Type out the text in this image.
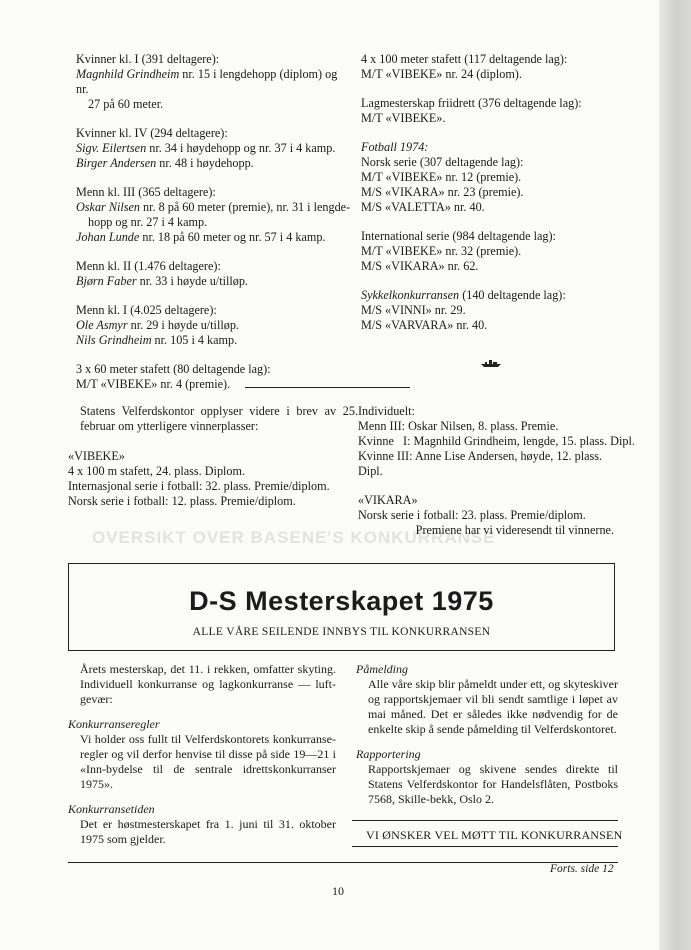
OVERSIKT OVER BASENE'S KONKURRANSE

Kvinner kl. I (391 deltagere):

Magnhild Grindheim nr. 15 i lengdehopp (diplom) og nr.

27 på 60 meter.

Kvinner kl. IV (294 deltagere):

Sigv. Eilertsen nr. 34 i høydehopp og nr. 37 i 4 kamp.

Birger Andersen nr. 48 i høydehopp.

Menn kl. III (365 deltagere):

Oskar Nilsen nr. 8 på 60 meter (premie), nr. 31 i lengde-

hopp og nr. 27 i 4 kamp.

Johan Lunde nr. 18 på 60 meter og nr. 57 i 4 kamp.

Menn kl. II (1.476 deltagere):

Bjørn Faber nr. 33 i høyde u/tilløp.

Menn kl. I (4.025 deltagere):

Ole Asmyr nr. 29 i høyde u/tilløp.

Nils Grindheim nr. 105 i 4 kamp.

3 x 60 meter stafett (80 deltagende lag):

M/T «VIBEKE» nr. 4 (premie).

4 x 100 meter stafett (117 deltagende lag):

M/T «VIBEKE» nr. 24 (diplom).

Lagmesterskap friidrett (376 deltagende lag):

M/T «VIBEKE».

Fotball 1974:

Norsk serie (307 deltagende lag):

M/T «VIBEKE» nr. 12 (premie).

M/S «VIKARA» nr. 23 (premie).

M/S «VALETTA» nr. 40.

International serie (984 deltagende lag):

M/T «VIBEKE» nr. 32 (premie).

M/S «VIKARA» nr. 62.

Sykkelkonkurransen (140 deltagende lag):

M/S «VINNI» nr. 29.

M/S «VARVARA» nr. 40.

Statens Velferdskontor opplyser videre i brev av 25. februar om ytterligere vinnerplasser:

«VIBEKE»

4 x 100 m stafett, 24. plass. Diplom.

Internasjonal serie i fotball: 32. plass. Premie/diplom.

Norsk serie i fotball: 12. plass. Premie/diplom.

Individuelt:

Menn III: Oskar Nilsen, 8. plass. Premie.

Kvinne   I: Magnhild Grindheim, lengde, 15. plass. Dipl.

Kvinne III: Anne Lise Andersen, høyde, 12. plass. Dipl.

«VIKARA»

Norsk serie i fotball: 23. plass. Premie/diplom.

Premiene har vi videresendt til vinnerne.

D-S Mesterskapet 1975
ALLE VÅRE SEILENDE INNBYS TIL KONKURRANSEN

Årets mesterskap, det 11. i rekken, omfatter skyting. Individuell konkurranse og lagkonkurranse — luft-gevær:

Konkurranseregler

Vi holder oss fullt til Velferdskontorets konkurranse-regler og vil derfor henvise til disse på side 19—21 i «Inn-bydelse til de sentrale idrettskonkurranser 1975».

Konkurransetiden

Det er høstmesterskapet fra 1. juni til 31. oktober 1975 som gjelder.

Påmelding

Alle våre skip blir påmeldt under ett, og skyteskiver og rapportskjemaer vil bli sendt samtlige i løpet av mai måned. Det er således ikke nødvendig for de enkelte skip å sende påmelding til Velferdskontoret.

Rapportering

Rapportskjemaer og skivene sendes direkte til Statens Velferdskontor for Handelsflåten, Postboks 7568, Skille-bekk, Oslo 2.

VI ØNSKER VEL MØTT TIL KONKURRANSEN
Forts. side 12
10
